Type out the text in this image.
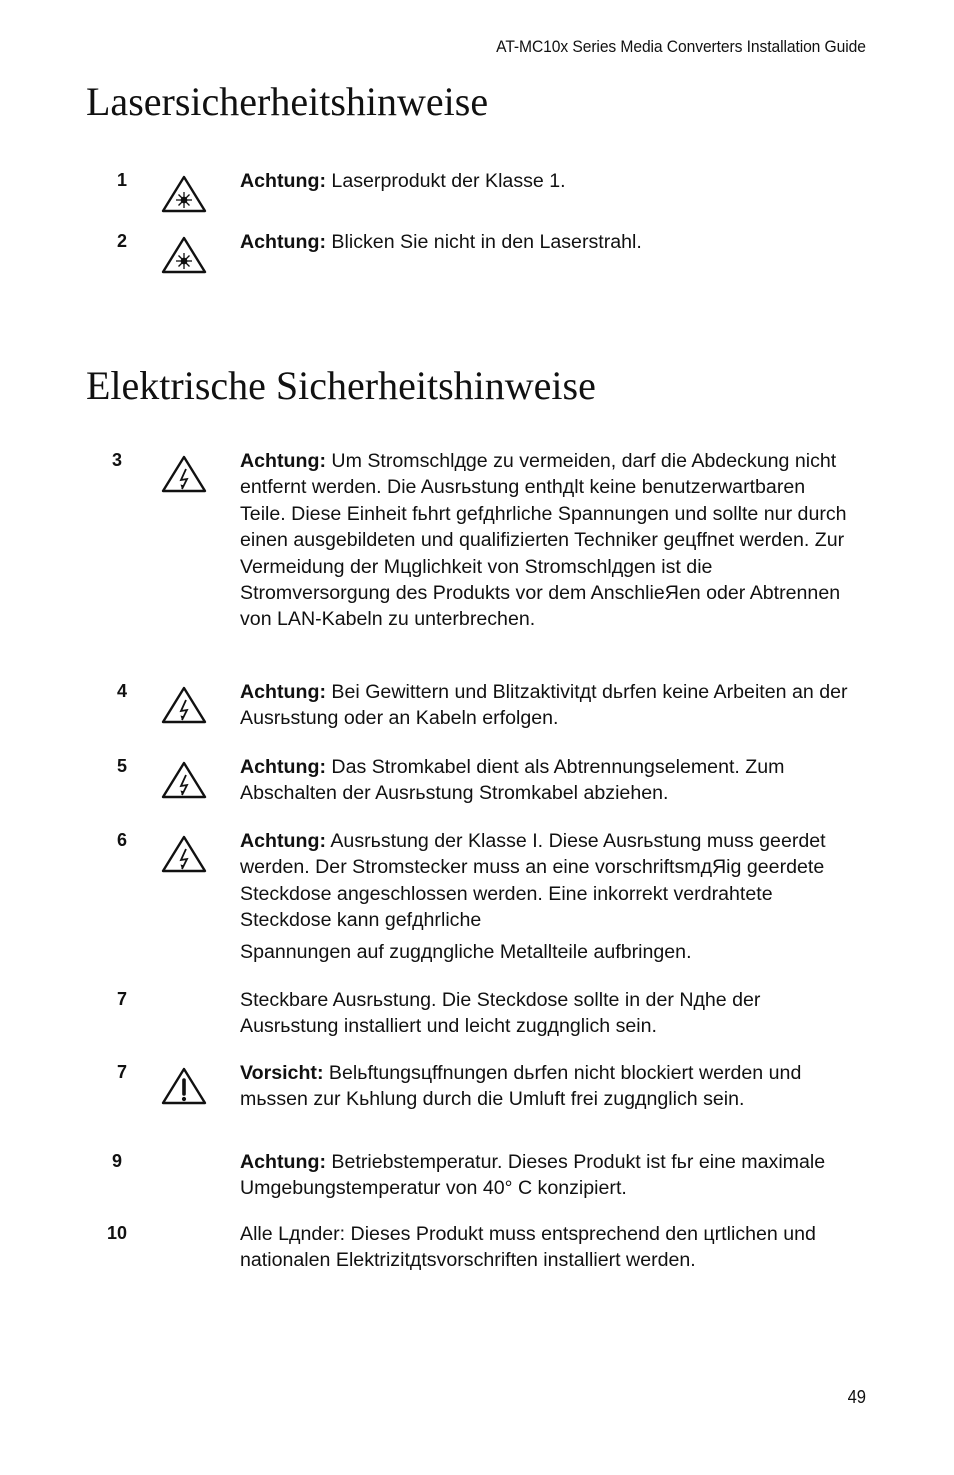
AT-MC10x Series Media Converters Installation Guide
Lasersicherheitshinweise
1	Achtung: Laserprodukt der Klasse 1.
2	Achtung: Blicken Sie nicht in den Laserstrahl.
Elektrische Sicherheitshinweise
3	Achtung: Um Stromschlдge zu vermeiden, darf die Abdeckung nicht entfernt werden. Die Ausrьstung enthдlt keine benutzerwartbaren Teile. Diese Einheit fьhrt gefдhrliche Spannungen und sollte nur durch einen ausgebildeten und qualifizierten Techniker geцffnet werden. Zur Vermeidung der Mцglichkeit von Stromschlдgen ist die Stromversorgung des Produkts vor dem AnschlieЯen oder Abtrennen von LAN-Kabeln zu unterbrechen.
4	Achtung: Bei Gewittern und Blitzaktivitдt dьrfen keine Arbeiten an der Ausrьstung oder an Kabeln erfolgen.
5	Achtung: Das Stromkabel dient als Abtrennungselement. Zum Abschalten der Ausrьstung Stromkabel abziehen.
6	Achtung: Ausrьstung der Klasse I. Diese Ausrьstung muss geerdet werden. Der Stromstecker muss an eine vorschriftsmдЯig geerdete Steckdose angeschlossen werden. Eine inkorrekt verdrahtete Steckdose kann gefдhrliche
Spannungen auf zugдngliche Metallteile aufbringen.
7	Steckbare Ausrьstung. Die Steckdose sollte in der Nдhe der Ausrьstung installiert und leicht zugдnglich sein.
7	Vorsicht: Belьftungsцffnungen dьrfen nicht blockiert werden und mьssen zur Kьhlung durch die Umluft frei zugдnglich sein.
9	Achtung: Betriebstemperatur. Dieses Produkt ist fьr eine maximale Umgebungstemperatur von 40° C konzipiert.
10	Alle Lдnder: Dieses Produkt muss entsprechend den цrtlichen und nationalen Elektrizitдtsvorschriften installiert werden.
49
